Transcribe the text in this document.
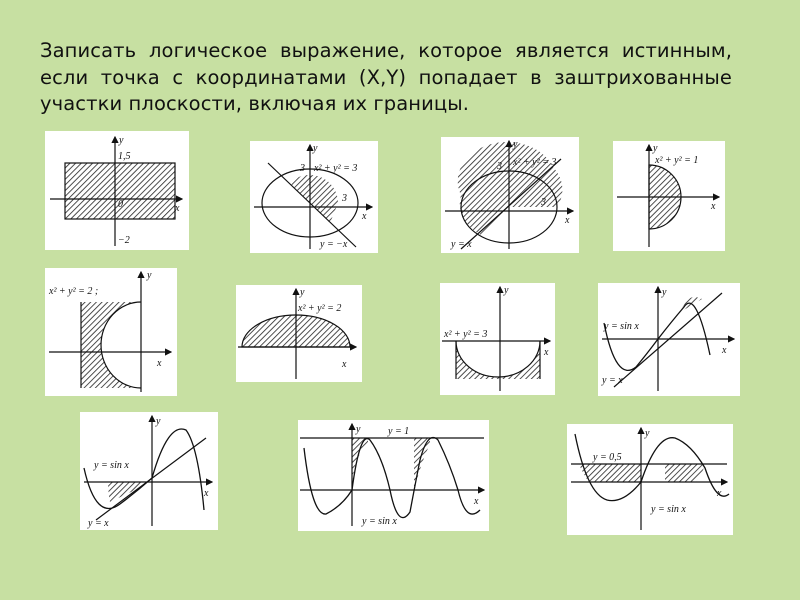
Записать логическое выражение, которое является истинным, если точка с координатами (X,Y) попадает в заштрихованные участки плоскости, включая их границы.
y
x
1,5
0
−2
y
x
x² + y² = 3
3
3
y = −x
y
x
x² + y² = 3
3
3
y = x
y
x
x² + y² = 1
y
x
x² + y² = 2 ;	y
x
x² + y² = 2
y
x
x² + y² = 3
y
x
y = sin x
y = x
y
x
y = sin x
y = x
y
x
y = 1
y = sin x
y
x
y = 0,5
y = sin x
